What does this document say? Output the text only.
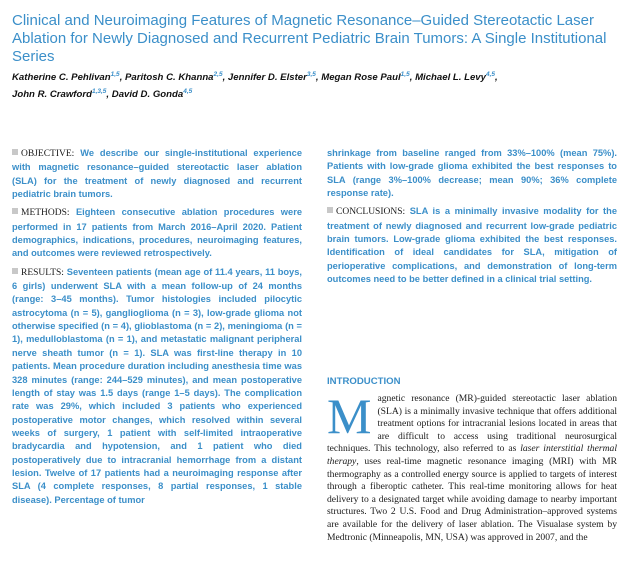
Clinical and Neuroimaging Features of Magnetic Resonance–Guided Stereotactic Laser Ablation for Newly Diagnosed and Recurrent Pediatric Brain Tumors: A Single Institutional Series
Katherine C. Pehlivan$^{1,5}$, Paritosh C. Khanna$^{2,5}$, Jennifer D. Elster$^{3,5}$, Megan Rose Paul$^{1,5}$, Michael L. Levy$^{4,5}$,
John R. Crawford$^{1,3,5}$, David D. Gonda$^{4,5}$

OBJECTIVE: We describe our single-institutional experience with magnetic resonance–guided stereotactic laser ablation (SLA) for the treatment of newly diagnosed and recurrent pediatric brain tumors.

METHODS: Eighteen consecutive ablation procedures were performed in 17 patients from March 2016–April 2020. Patient demographics, indications, procedures, neuroimaging features, and outcomes were reviewed retrospectively.

RESULTS: Seventeen patients (mean age of 11.4 years, 11 boys, 6 girls) underwent SLA with a mean follow-up of 24 months (range: 3–45 months). Tumor histologies included pilocytic astrocytoma (n = 5), ganglioglioma (n = 3), low-grade glioma not otherwise specified (n = 4), glioblastoma (n = 2), meningioma (n = 1), medulloblastoma (n = 1), and metastatic malignant peripheral nerve sheath tumor (n = 1). SLA was first-line therapy in 10 patients. Mean procedure duration including anesthesia time was 328 minutes (range: 244–529 minutes), and mean postoperative length of stay was 1.5 days (range 1–5 days). The complication rate was 29%, which included 3 patients who experienced postoperative motor changes, which resolved within several weeks of surgery, 1 patient with self-limited intraoperative bradycardia and hypotension, and 1 patient who died postoperatively due to intracranial hemorrhage from a distant lesion. Twelve of 17 patients had a neuroimaging response after SLA (4 complete responses, 8 partial responses, 1 stable disease). Percentage of tumor

shrinkage from baseline ranged from 33%–100% (mean 75%). Patients with low-grade glioma exhibited the best responses to SLA (range 3%–100% decrease; mean 90%; 36% complete response rate).

CONCLUSIONS: SLA is a minimally invasive modality for the treatment of newly diagnosed and recurrent low-grade pediatric brain tumors. Low-grade glioma exhibited the best responses. Identification of ideal candidates for SLA, mitigation of perioperative complications, and demonstration of long-term outcomes need to be better defined in a clinical trial setting.

INTRODUCTION
Magnetic resonance (MR)-guided stereotactic laser ablation (SLA) is a minimally invasive technique that offers additional treatment options for intracranial lesions located in areas that are difficult to access using traditional neurosurgical techniques. This technology, also referred to as laser interstitial thermal therapy, uses real-time magnetic resonance imaging (MRI) with MR thermography as a controlled energy source is applied to targets of interest through a fiberoptic catheter. This real-time monitoring allows for heat delivery to a designated target while avoiding damage to nearby important structures. Two 2 U.S. Food and Drug Administration–approved systems are available for the delivery of laser ablation. The Visualase system by Medtronic (Minneapolis, MN, USA) was approved in 2007, and the
